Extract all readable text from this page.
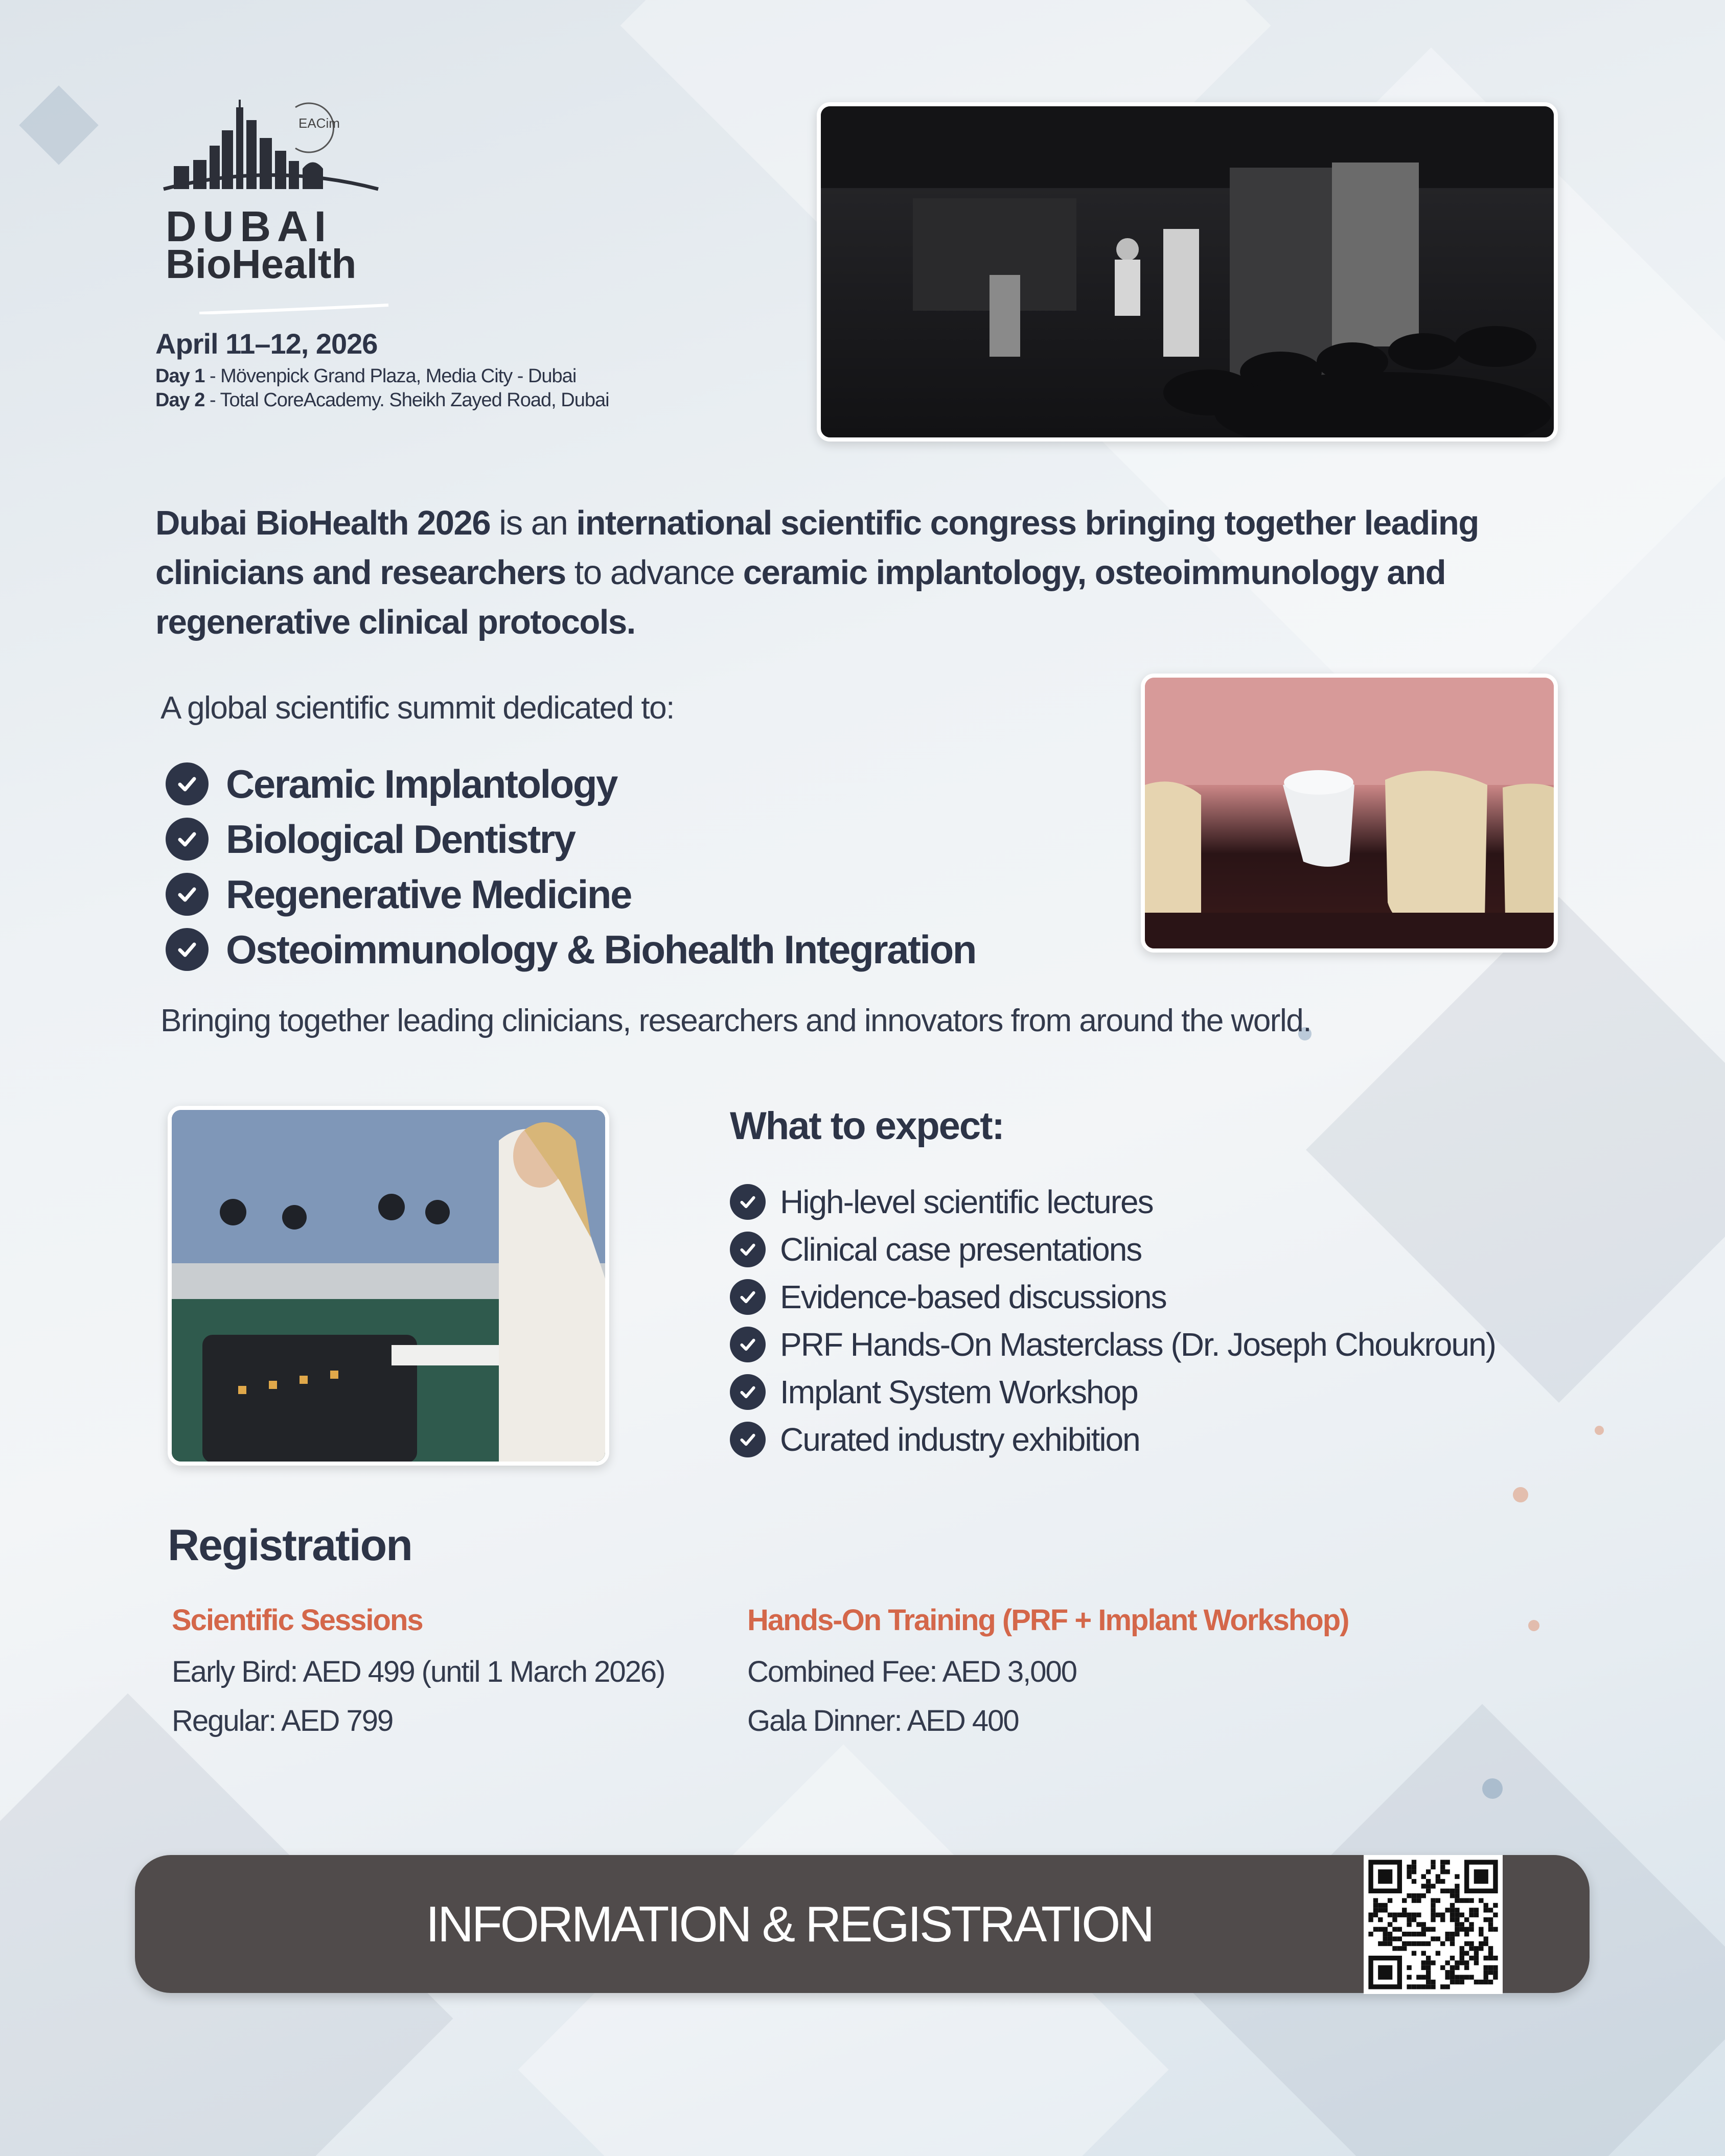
DUBAI
BioHealth
EACim
April 11–12, 2026
Day 1 - Mövenpick Grand Plaza, Media City - Dubai
Day 2 - Total CoreAcademy. Sheikh Zayed Road, Dubai
Dubai BioHealth 2026 is an international scientific congress bringing together leading clinicians and researchers to advance ceramic implantology, osteoimmunology and regenerative clinical protocols.
A global scientific summit dedicated to:
Ceramic Implantology
Biological Dentistry
Regenerative Medicine
Osteoimmunology & Biohealth Integration
Bringing together leading clinicians, researchers and innovators from around the world.
What to expect:
High-level scientific lectures
Clinical case presentations
Evidence-based discussions
PRF Hands-On Masterclass (Dr. Joseph Choukroun)
Implant System Workshop
Curated industry exhibition
Registration
Scientific Sessions
Early Bird: AED 499 (until 1 March 2026)
Regular: AED 799
Hands-On Training (PRF + Implant Workshop)
Combined Fee: AED 3,000
Gala Dinner: AED 400
INFORMATION & REGISTRATION
